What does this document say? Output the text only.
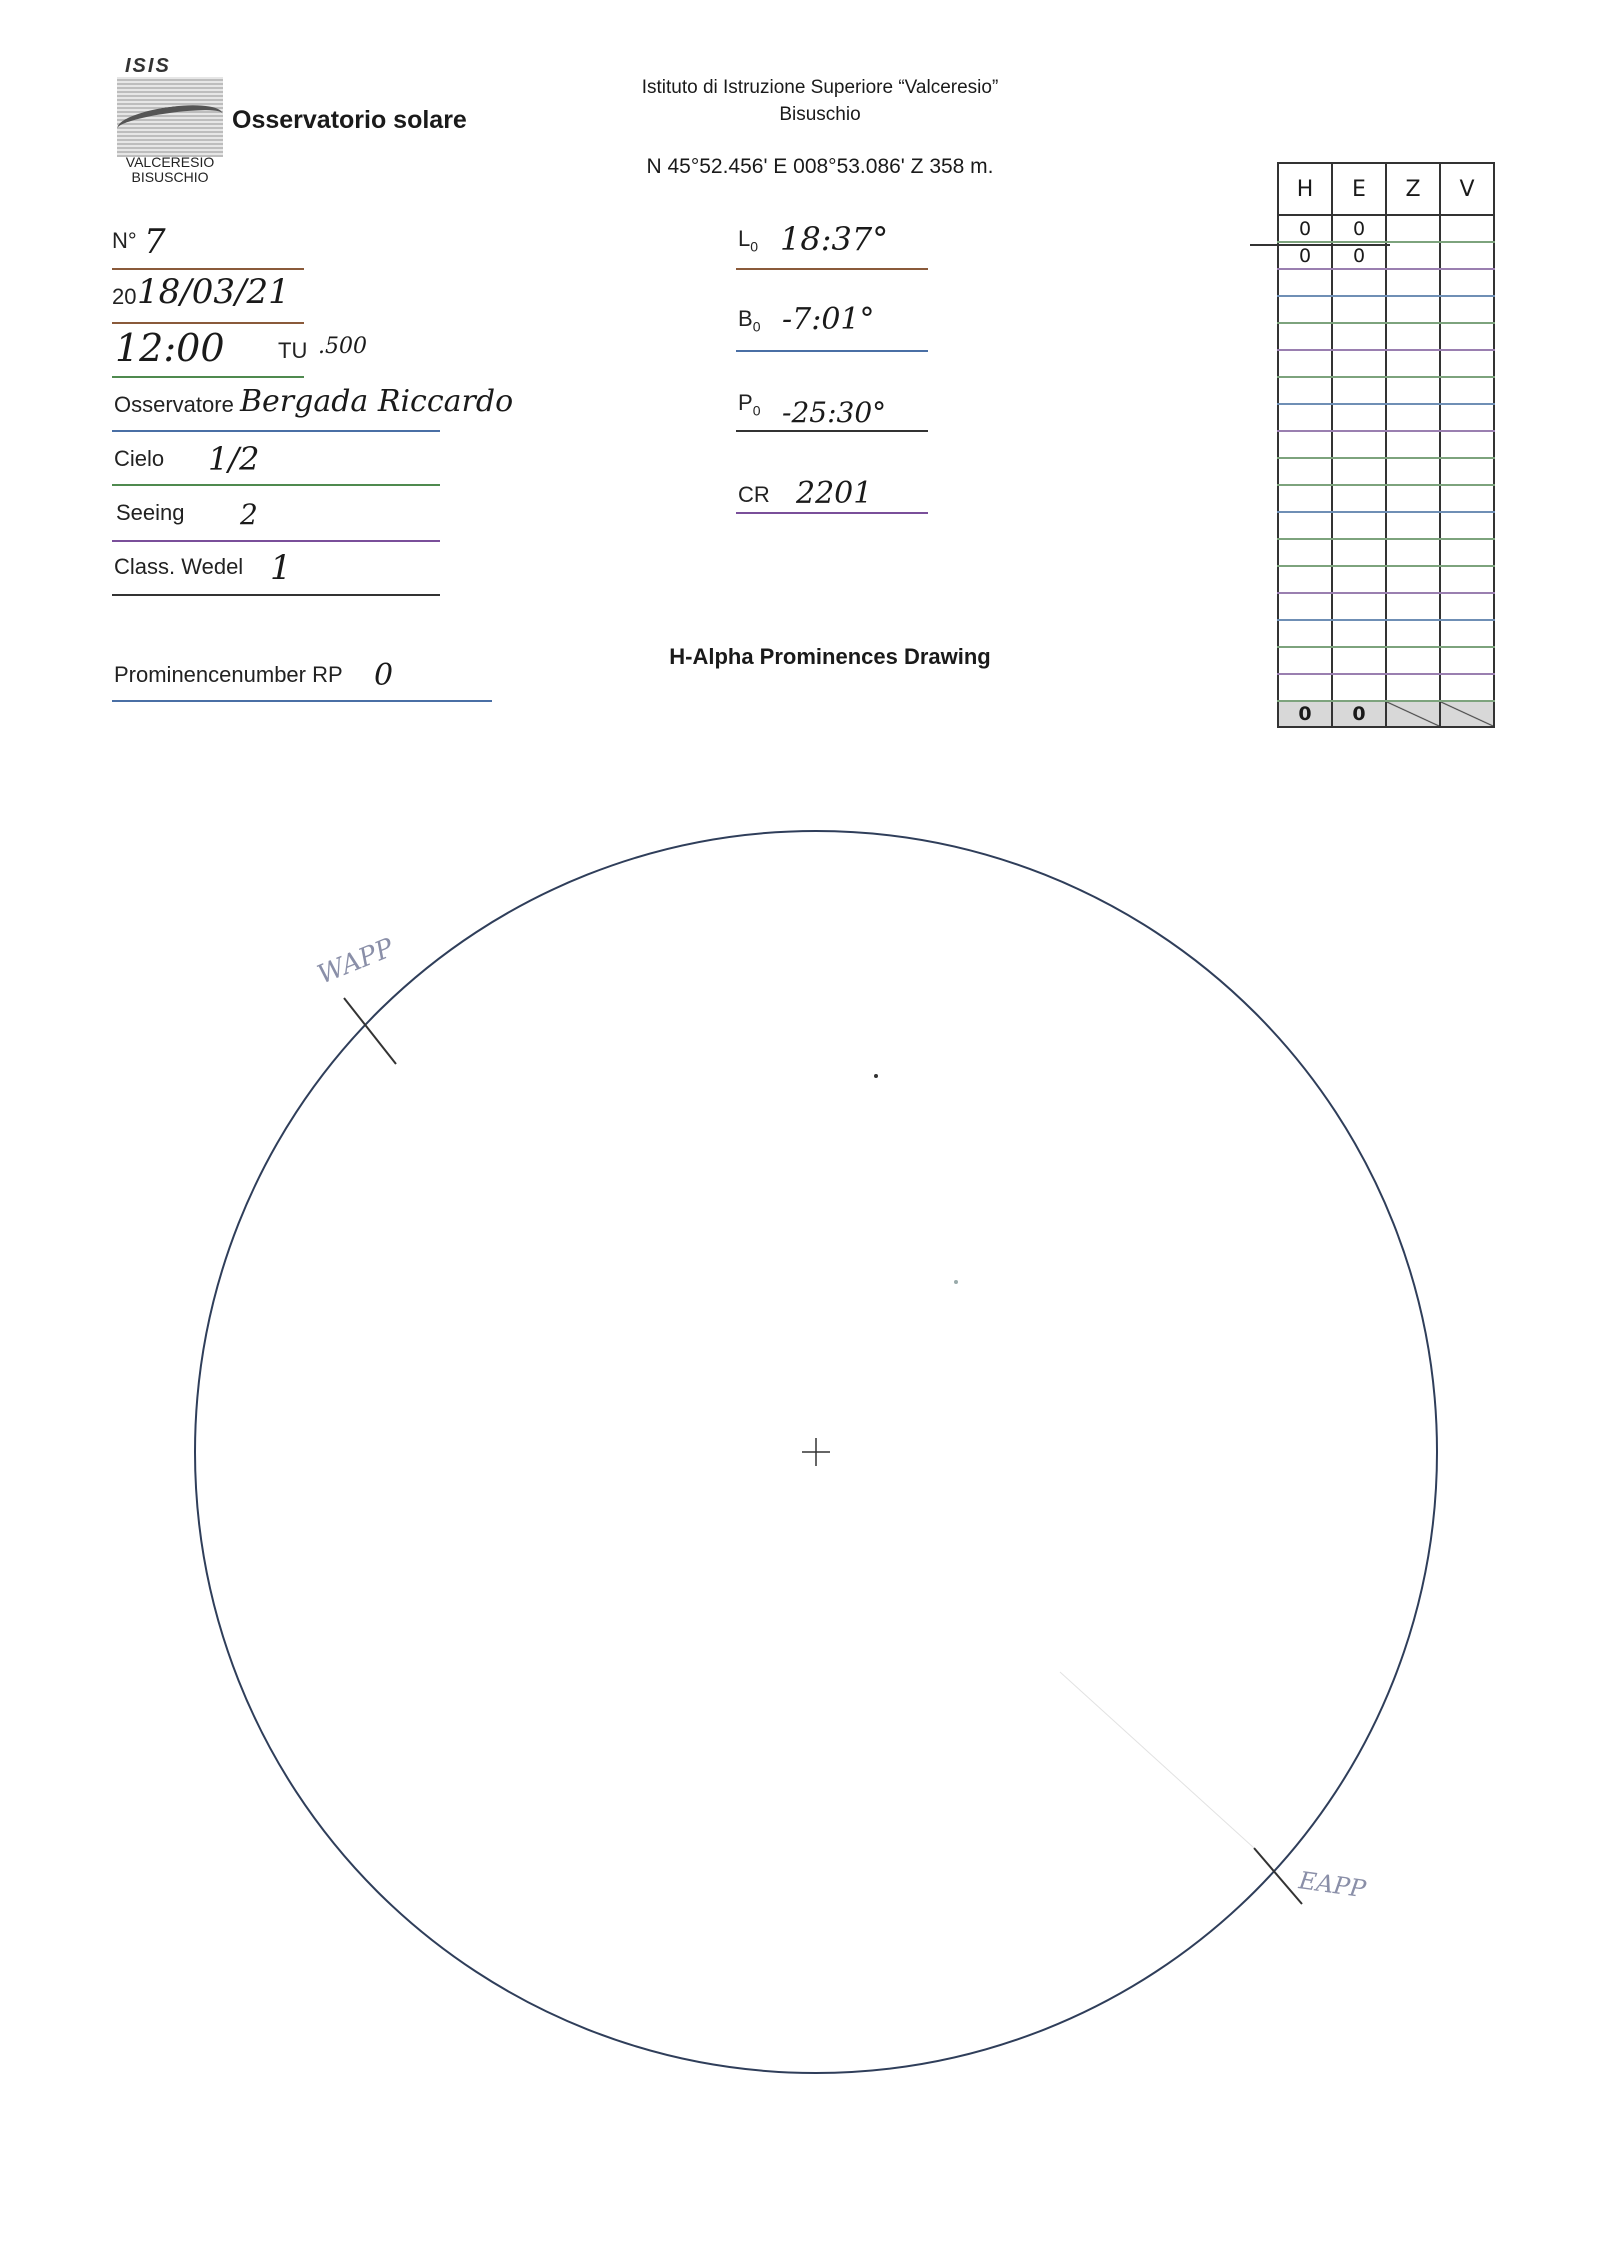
ISIS
VALCERESIO
BISUSCHIO
Osservatorio solare
Istituto di Istruzione Superiore “Valceresio”
Bisuschio
N 45°52.456' E 008°53.086' Z 358 m.
N° 7
20 18/03/21
12:00 TU .500
Osservatore Bergada Riccardo
Cielo 1/2
Seeing 2
Class. Wedel 1
Prominencenumber RP 0
$L_0$ 18:37°
$B_0$ -7:01°
$P_0$ -25:30°
CR 2201
H-Alpha Prominences Drawing
H	E	Z	V
0	0		
0	0		

0	0		
WAPP
EAPP
